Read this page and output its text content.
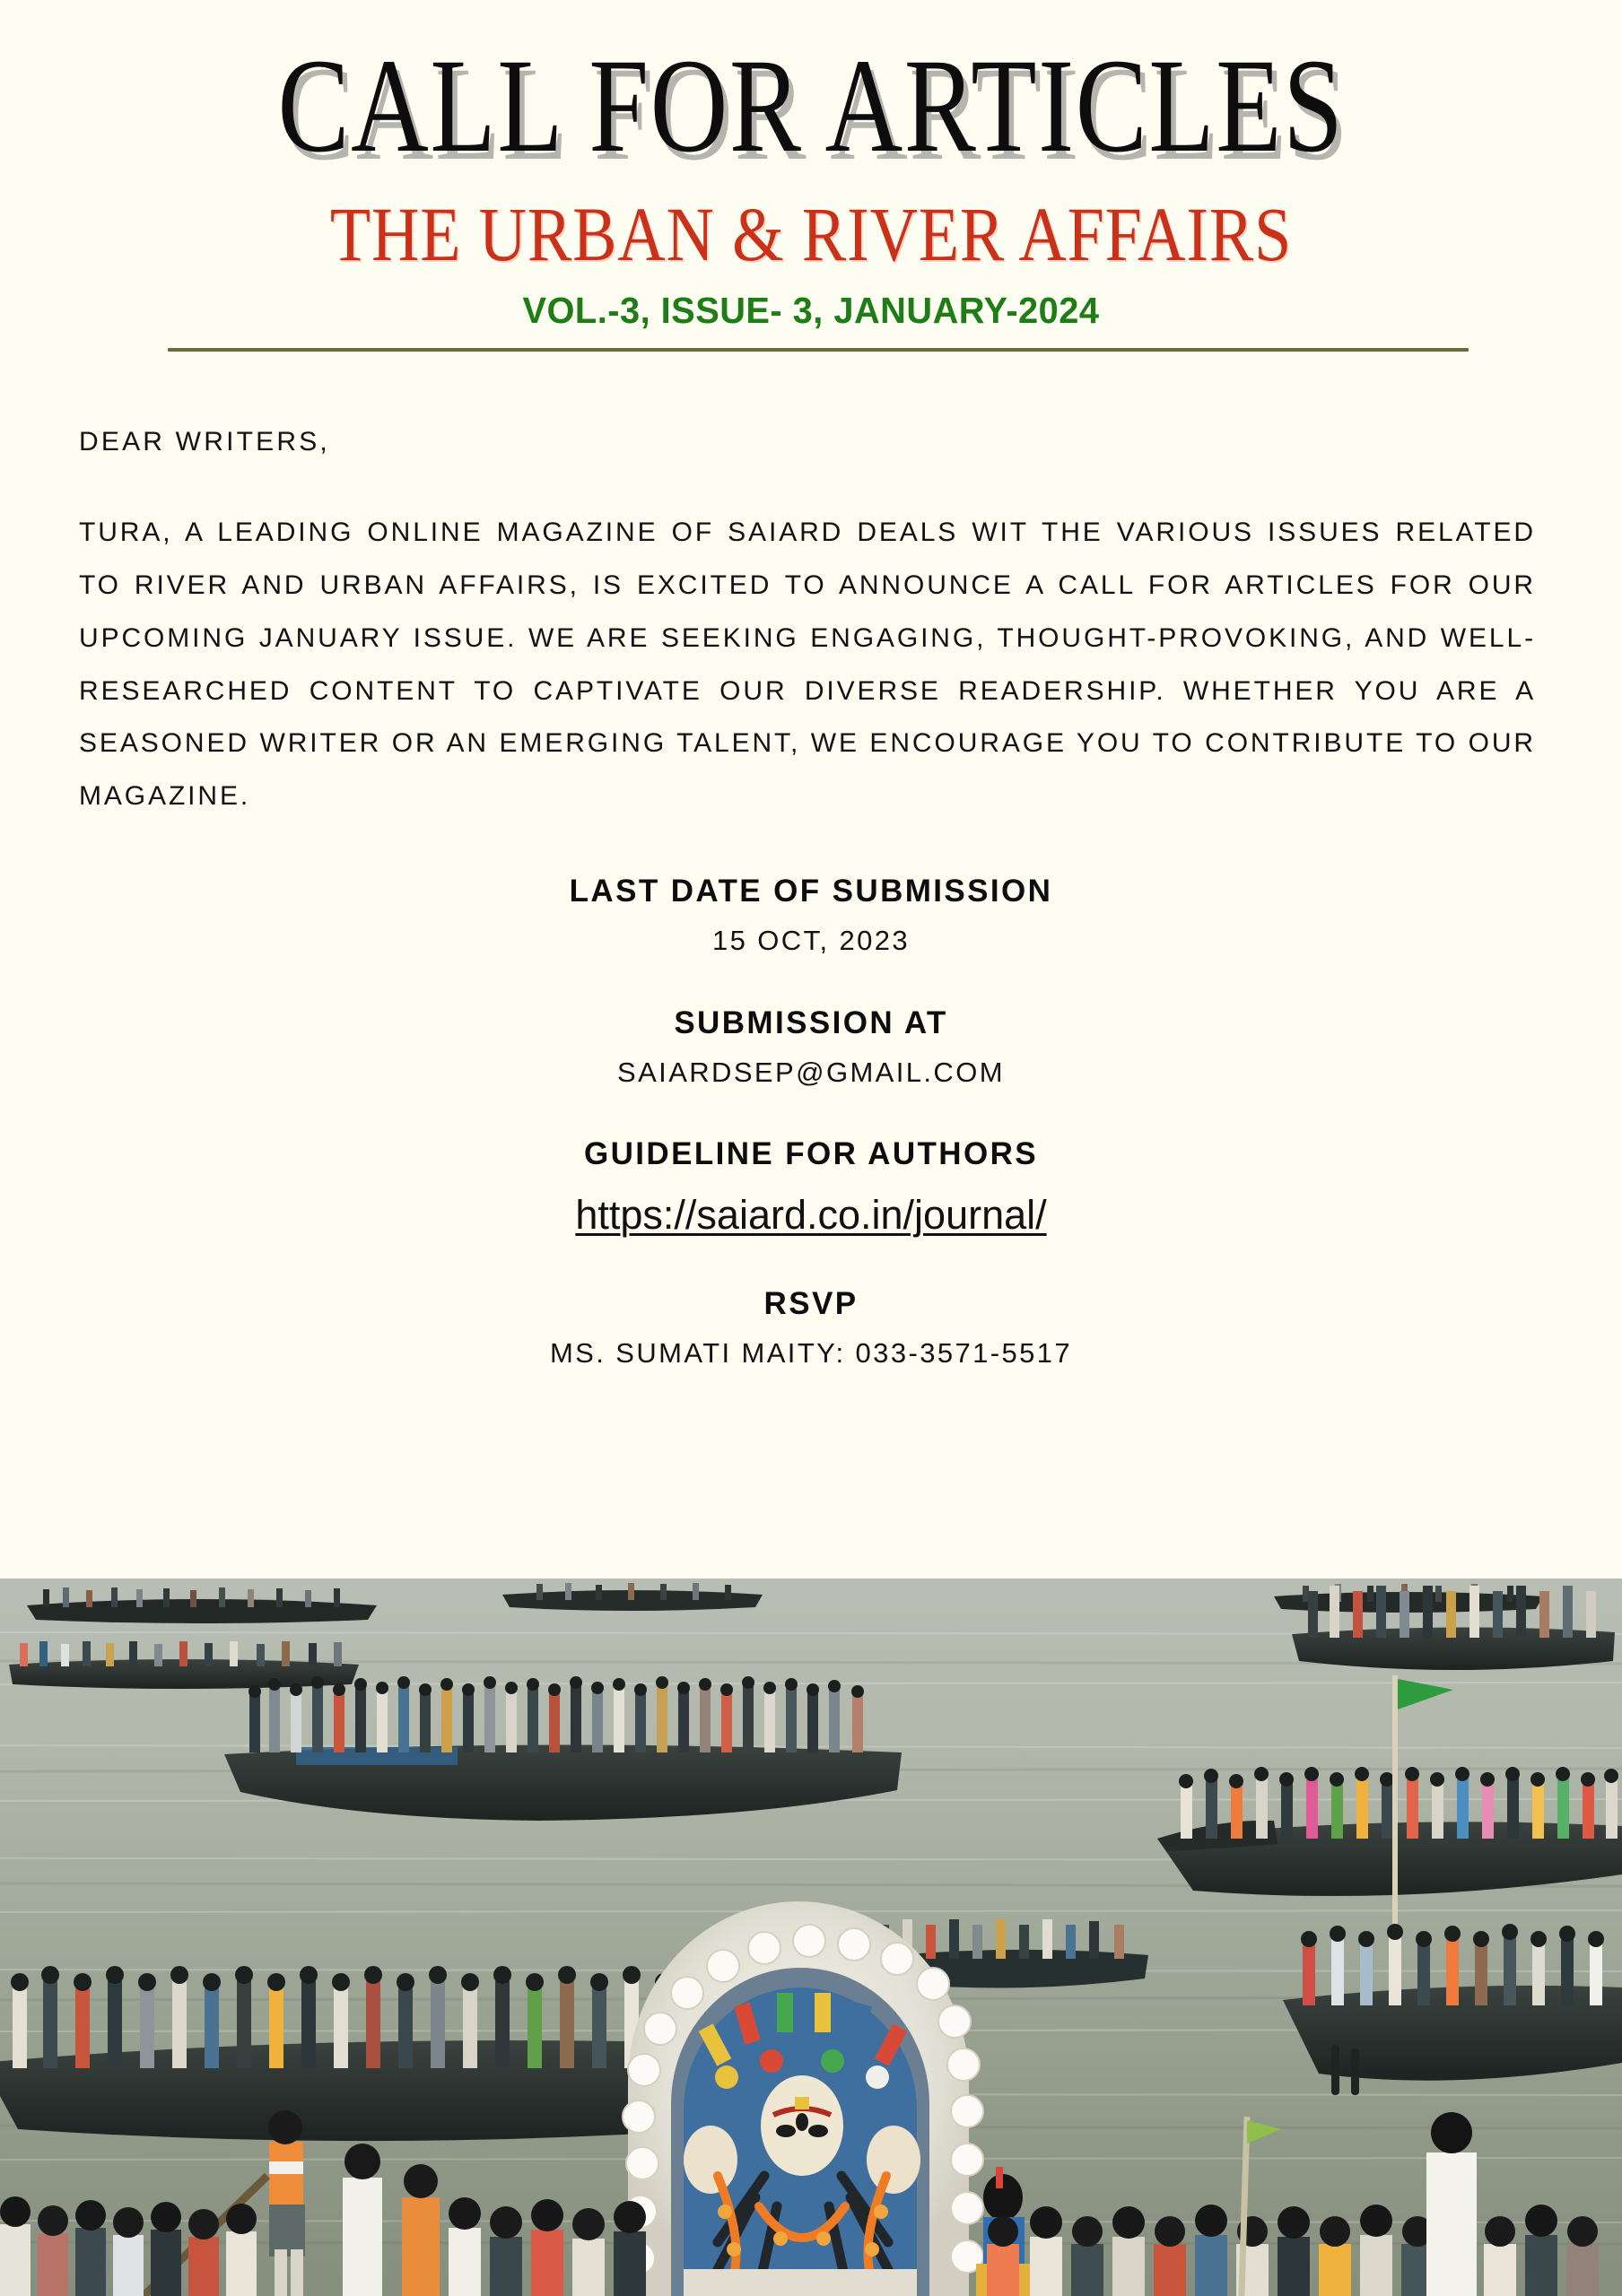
CALL FOR ARTICLES
THE URBAN & RIVER AFFAIRS
VOL.-3, ISSUE- 3, JANUARY-2024

DEAR WRITERS,

TURA, A LEADING ONLINE MAGAZINE OF SAIARD DEALS WIT THE VARIOUS ISSUES RELATED TO RIVER AND URBAN AFFAIRS, IS EXCITED TO ANNOUNCE A CALL FOR ARTICLES FOR OUR UPCOMING JANUARY ISSUE. WE ARE SEEKING ENGAGING, THOUGHT-PROVOKING, AND WELL-RESEARCHED CONTENT TO CAPTIVATE OUR DIVERSE READERSHIP. WHETHER YOU ARE A SEASONED WRITER OR AN EMERGING TALENT, WE ENCOURAGE YOU TO CONTRIBUTE TO OUR MAGAZINE.

LAST DATE OF SUBMISSION
15 OCT, 2023
SUBMISSION AT
SAIARDSEP@GMAIL.COM
GUIDELINE FOR AUTHORS
https://saiard.co.in/journal/
RSVP
MS. SUMATI MAITY: 033-3571-5517
